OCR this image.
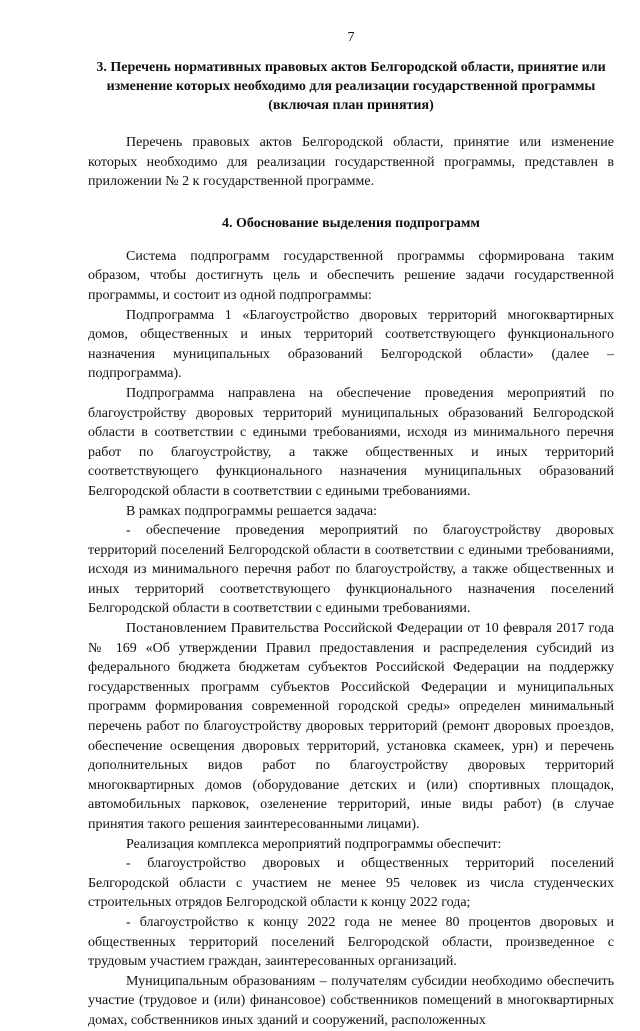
7
3. Перечень нормативных правовых актов Белгородской области, принятие или изменение которых необходимо для реализации государственной программы (включая план принятия)

Перечень правовых актов Белгородской области, принятие или изменение которых необходимо для реализации государственной программы, представлен в приложении № 2 к государственной программе.

4. Обоснование выделения подпрограмм

Система подпрограмм государственной программы сформирована таким образом, чтобы достигнуть цель и обеспечить решение задачи государственной программы, и состоит из одной подпрограммы:

Подпрограмма 1 «Благоустройство дворовых территорий многоквартирных домов, общественных и иных территорий соответствующего функционального назначения муниципальных образований Белгородской области» (далее – подпрограмма).

Подпрограмма направлена на обеспечение проведения мероприятий по благоустройству дворовых территорий муниципальных образований Белгородской области в соответствии с едиными требованиями, исходя из минимального перечня работ по благоустройству, а также общественных и иных территорий соответствующего функционального назначения муниципальных образований Белгородской области в соответствии с едиными требованиями.

В рамках подпрограммы решается задача:

- обеспечение проведения мероприятий по благоустройству дворовых территорий поселений Белгородской области в соответствии с едиными требованиями, исходя из минимального перечня работ по благоустройству, а также общественных и иных территорий соответствующего функционального назначения поселений Белгородской области в соответствии с едиными требованиями.

Постановлением Правительства Российской Федерации от 10 февраля 2017 года № 169 «Об утверждении Правил предоставления и распределения субсидий из федерального бюджета бюджетам субъектов Российской Федерации на поддержку государственных программ субъектов Российской Федерации и муниципальных программ формирования современной городской среды» определен минимальный перечень работ по благоустройству дворовых территорий (ремонт дворовых проездов, обеспечение освещения дворовых территорий, установка скамеек, урн) и перечень дополнительных видов работ по благоустройству дворовых территорий многоквартирных домов (оборудование детских и (или) спортивных площадок, автомобильных парковок, озеленение территорий, иные виды работ) (в случае принятия такого решения заинтересованными лицами).

Реализация комплекса мероприятий подпрограммы обеспечит:

- благоустройство дворовых и общественных территорий поселений Белгородской области с участием не менее 95 человек из числа студенческих строительных отрядов Белгородской области к концу 2022 года;

- благоустройство к концу 2022 года не менее 80 процентов дворовых и общественных территорий поселений Белгородской области, произведенное с трудовым участием граждан, заинтересованных организаций.

Муниципальным образованиям – получателям субсидии необходимо обеспечить участие (трудовое и (или) финансовое) собственников помещений в многоквартирных домах, собственников иных зданий и сооружений, расположенных
